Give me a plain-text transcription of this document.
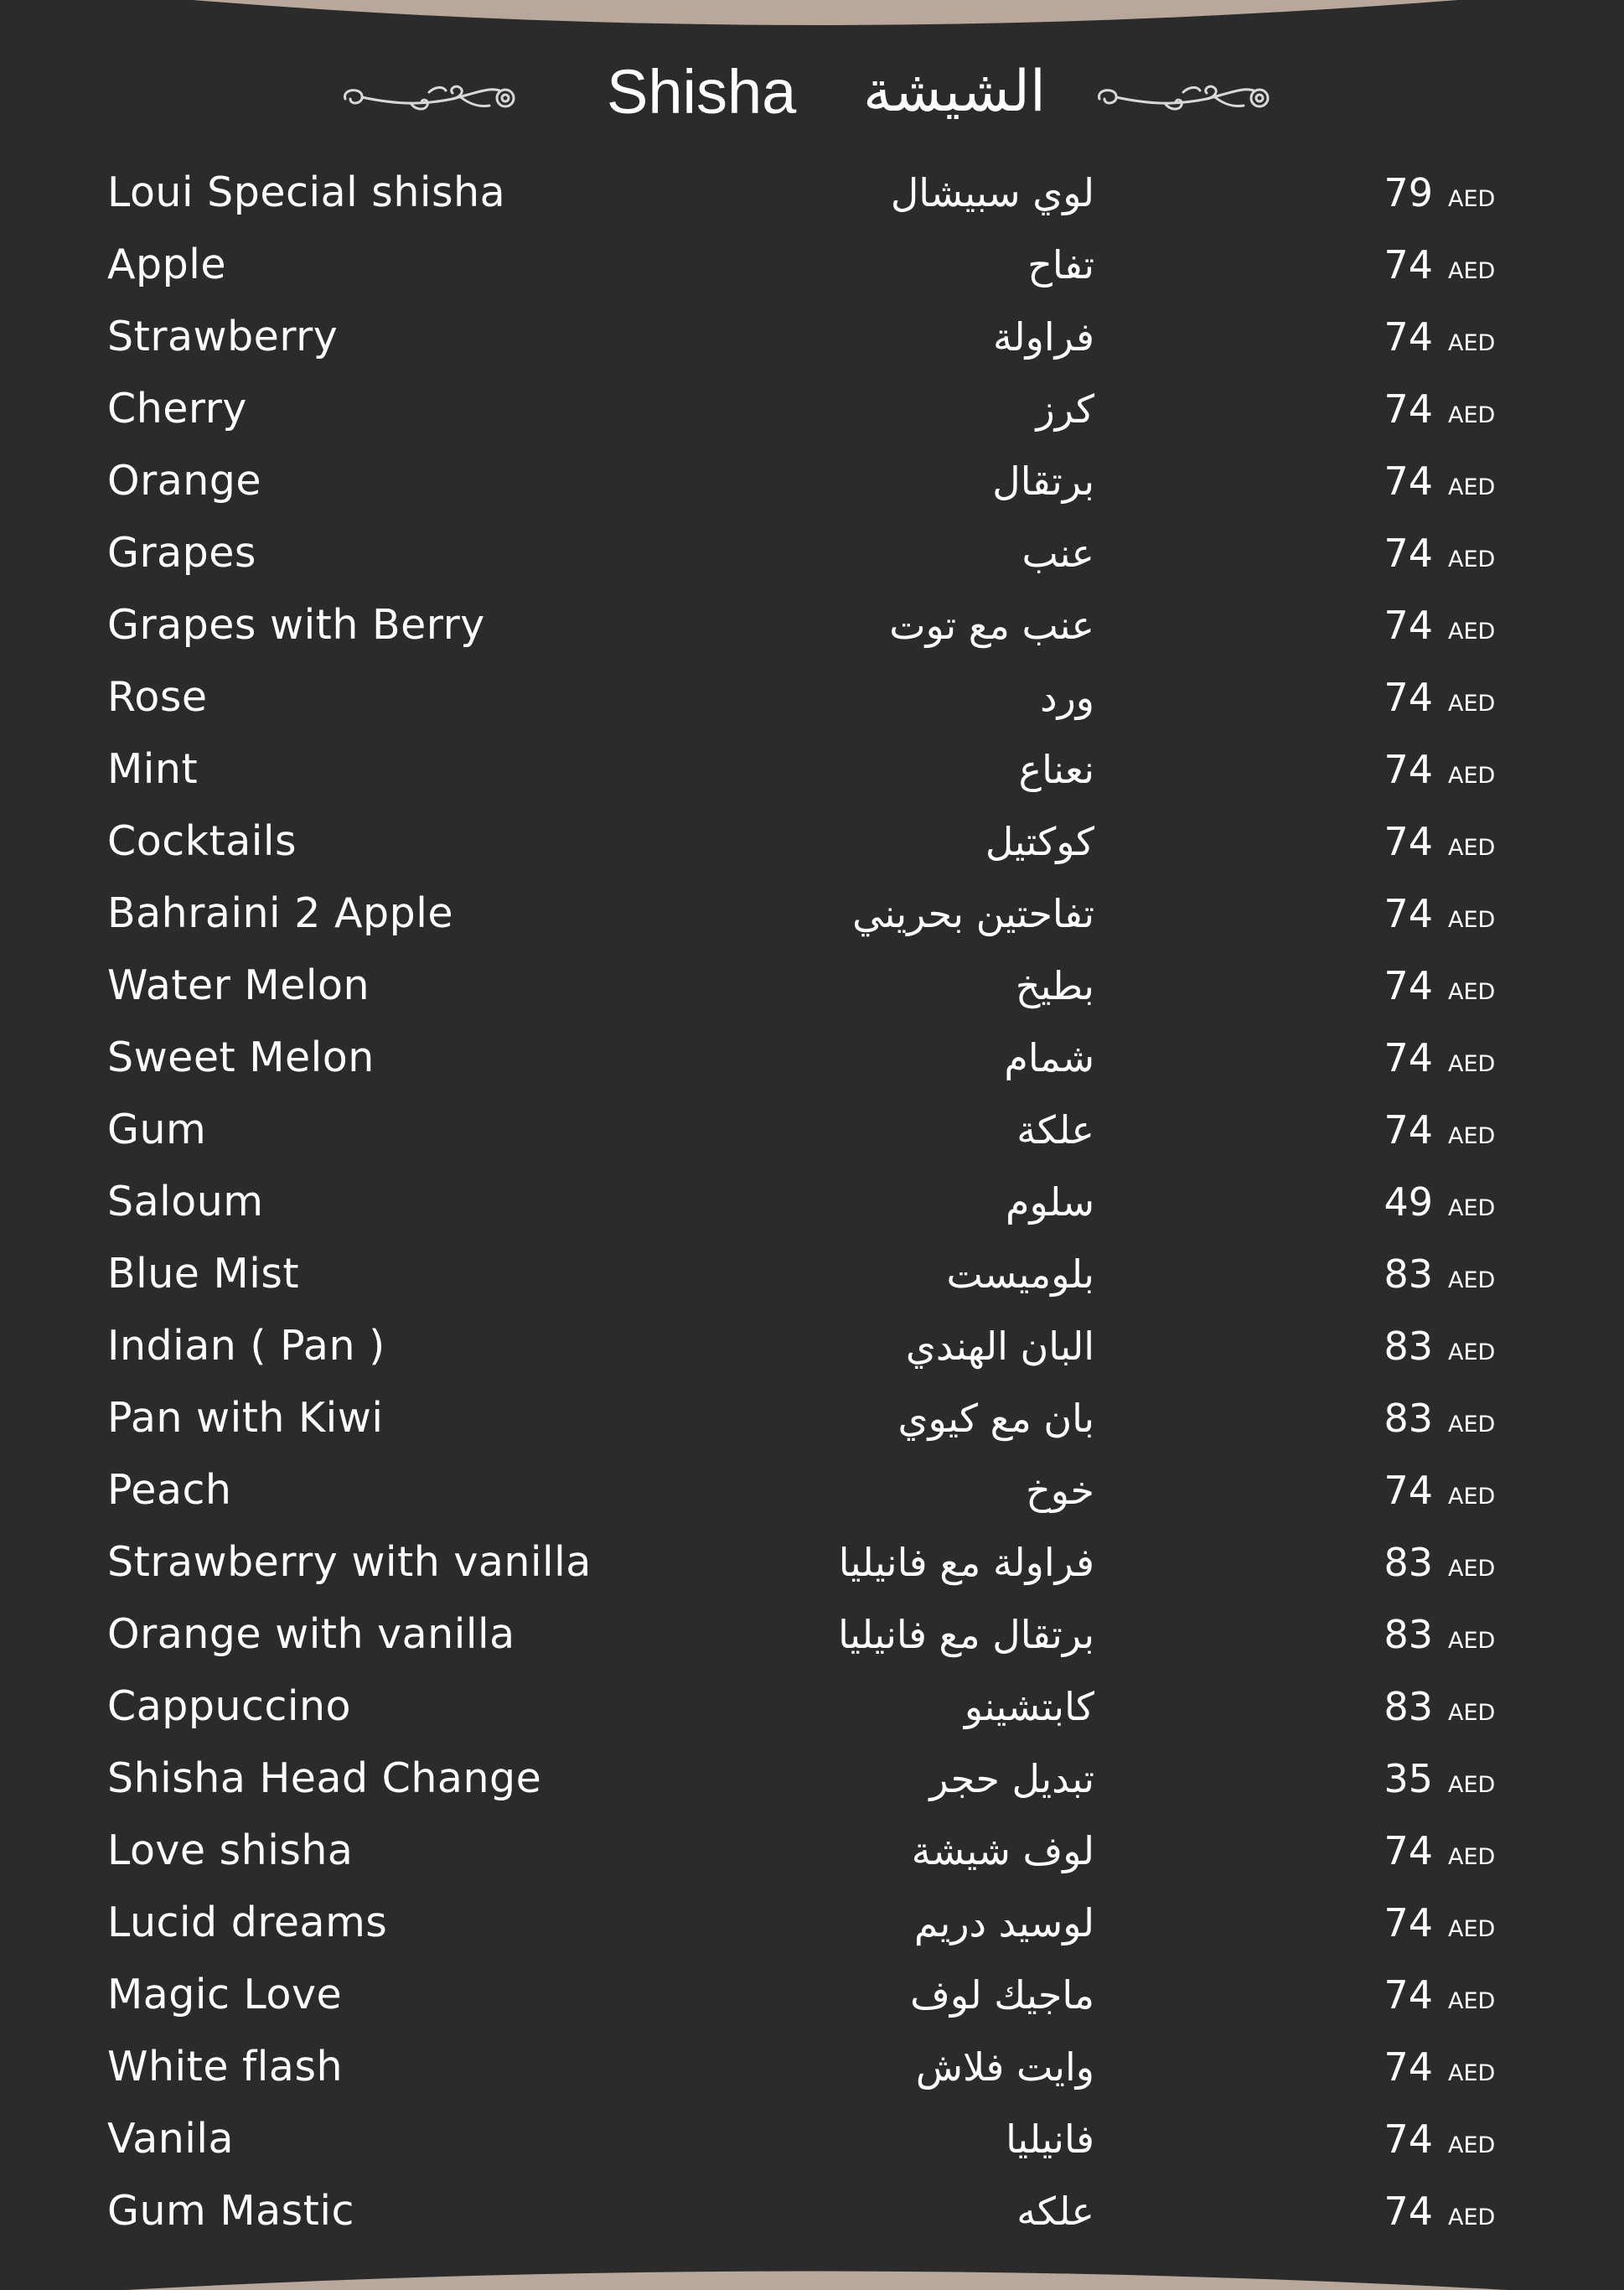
Shisha الشيشة
Loui Special shisha	لوي سبيشال	79 AED
Apple	تفاح	74 AED
Strawberry	فراولة	74 AED
Cherry	كرز	74 AED
Orange	برتقال	74 AED
Grapes	عنب	74 AED
Grapes with Berry	عنب مع توت	74 AED
Rose	ورد	74 AED
Mint	نعناع	74 AED
Cocktails	كوكتيل	74 AED
Bahraini 2 Apple	تفاحتين بحريني	74 AED
Water Melon	بطيخ	74 AED
Sweet Melon	شمام	74 AED
Gum	علكة	74 AED
Saloum	سلوم	49 AED
Blue Mist	بلوميست	83 AED
Indian ( Pan )	البان الهندي	83 AED
Pan with Kiwi	بان مع كيوي	83 AED
Peach	خوخ	74 AED
Strawberry with vanilla	فراولة مع فانيليا	83 AED
Orange with vanilla	برتقال مع فانيليا	83 AED
Cappuccino	كابتشينو	83 AED
Shisha Head Change	تبديل حجر	35 AED
Love shisha	لوف شيشة	74 AED
Lucid dreams	لوسيد دريم	74 AED
Magic Love	ماجيك لوف	74 AED
White flash	وايت فلاش	74 AED
Vanila	فانيليا	74 AED
Gum Mastic	علكه	74 AED
